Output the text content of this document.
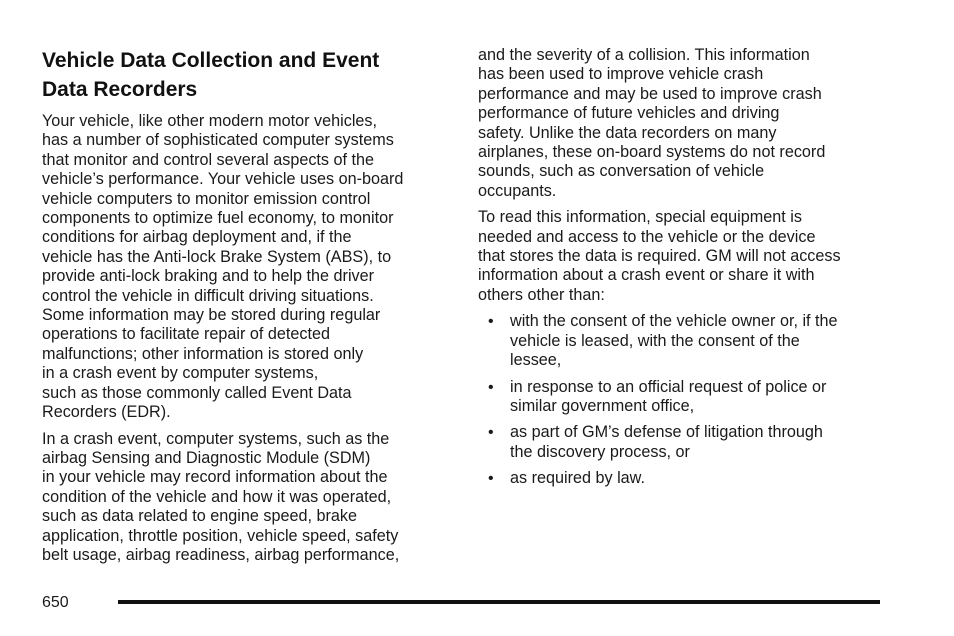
Vehicle Data Collection and Event
Data Recorders
Your vehicle, like other modern motor vehicles,
has a number of sophisticated computer systems
that monitor and control several aspects of the
vehicle’s performance. Your vehicle uses on-board
vehicle computers to monitor emission control
components to optimize fuel economy, to monitor
conditions for airbag deployment and, if the
vehicle has the Anti-lock Brake System (ABS), to
provide anti-lock braking and to help the driver
control the vehicle in difficult driving situations.
Some information may be stored during regular
operations to facilitate repair of detected
malfunctions; other information is stored only
in a crash event by computer systems,
such as those commonly called Event Data
Recorders (EDR).
In a crash event, computer systems, such as the
airbag Sensing and Diagnostic Module (SDM)
in your vehicle may record information about the
condition of the vehicle and how it was operated,
such as data related to engine speed, brake
application, throttle position, vehicle speed, safety
belt usage, airbag readiness, airbag performance,
and the severity of a collision. This information
has been used to improve vehicle crash
performance and may be used to improve crash
performance of future vehicles and driving
safety. Unlike the data recorders on many
airplanes, these on-board systems do not record
sounds, such as conversation of vehicle
occupants.
To read this information, special equipment is
needed and access to the vehicle or the device
that stores the data is required. GM will not access
information about a crash event or share it with
others other than:
• with the consent of the vehicle owner or, if the
vehicle is leased, with the consent of the
lessee,
• in response to an official request of police or
similar government office,
• as part of GM’s defense of litigation through
the discovery process, or
• as required by law.
650
